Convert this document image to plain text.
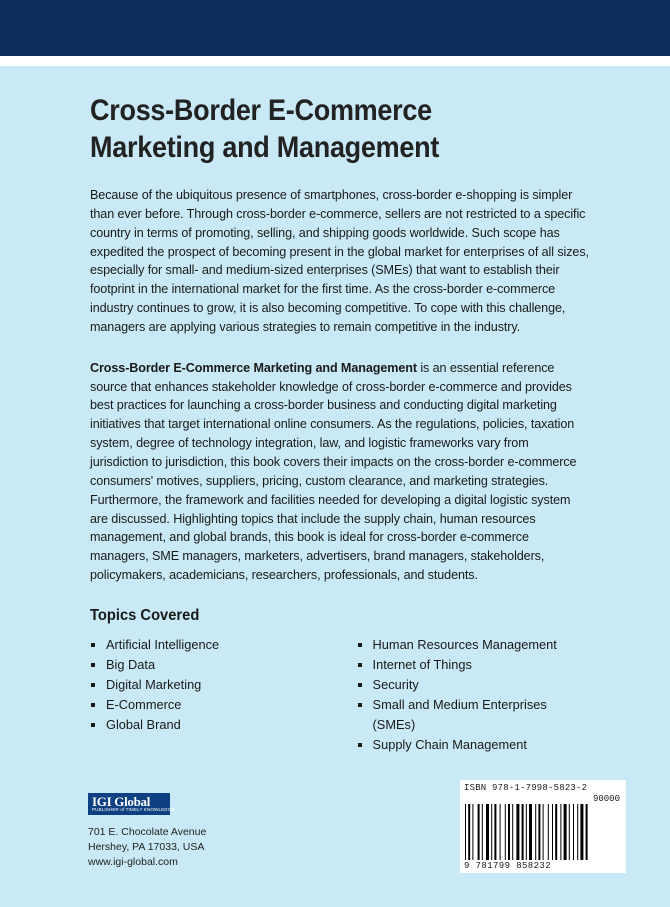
Cross-Border E-Commerce
Marketing and Management

Because of the ubiquitous presence of smartphones, cross-border e-shopping is simpler than ever before. Through cross-border e-commerce, sellers are not restricted to a specific country in terms of promoting, selling, and shipping goods worldwide. Such scope has expedited the prospect of becoming present in the global market for enterprises of all sizes, especially for small- and medium-sized enterprises (SMEs) that want to establish their footprint in the international market for the first time. As the cross-border e-commerce industry continues to grow, it is also becoming competitive. To cope with this challenge, managers are applying various strategies to remain competitive in the industry.

Cross-Border E-Commerce Marketing and Management is an essential reference source that enhances stakeholder knowledge of cross-border e-commerce and provides best practices for launching a cross-border business and conducting digital marketing initiatives that target international online consumers. As the regulations, policies, taxation system, degree of technology integration, law, and logistic frameworks vary from jurisdiction to jurisdiction, this book covers their impacts on the cross-border e-commerce consumers' motives, suppliers, pricing, custom clearance, and marketing strategies. Furthermore, the framework and facilities needed for developing a digital logistic system are discussed. Highlighting topics that include the supply chain, human resources management, and global brands, this book is ideal for cross-border e-commerce managers, SME managers, marketers, advertisers, brand managers, stakeholders, policymakers, academicians, researchers, professionals, and students.

Topics Covered
Artificial Intelligence
Big Data
Digital Marketing
E-Commerce
Global Brand
Human Resources Management
Internet of Things
Security
Small and Medium Enterprises (SMEs)
Supply Chain Management
IGI Global
PUBLISHER of TIMELY KNOWLEDGE
701 E. Chocolate Avenue
Hershey, PA 17033, USA
www.igi-global.com
ISBN 978-1-7998-5823-2
90000
9 781799 858232
